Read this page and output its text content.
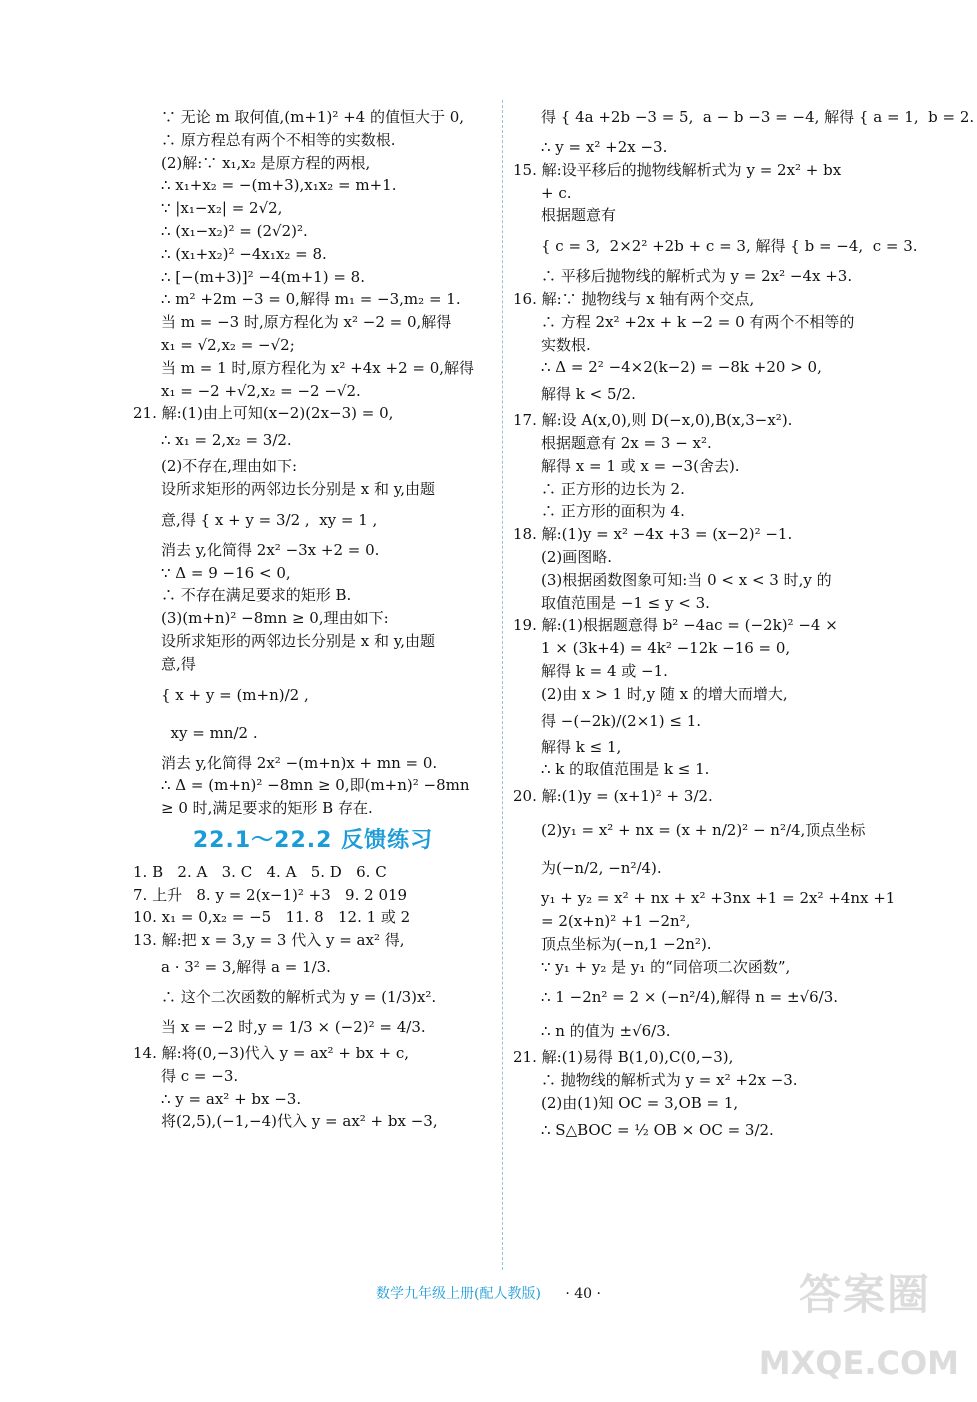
∵ 无论 m 取何值,(m+1)² +4 的值恒大于 0,
∴ 原方程总有两个不相等的实数根.
(2)解:∵ x₁,x₂ 是原方程的两根,
∴ x₁+x₂ = −(m+3),x₁x₂ = m+1.
∵ |x₁−x₂| = 2√2,
∴ (x₁−x₂)² = (2√2)².
∴ (x₁+x₂)² −4x₁x₂ = 8.
∴ [−(m+3)]² −4(m+1) = 8.
∴ m² +2m −3 = 0,解得 m₁ = −3,m₂ = 1.
当 m = −3 时,原方程化为 x² −2 = 0,解得
x₁ = √2,x₂ = −√2;
当 m = 1 时,原方程化为 x² +4x +2 = 0,解得
x₁ = −2 +√2,x₂ = −2 −√2.
21. 解:(1)由上可知(x−2)(2x−3) = 0,
∴ x₁ = 2,x₂ = 3/2.
(2)不存在,理由如下:
设所求矩形的两邻边长分别是 x 和 y,由题
意,得 { x + y = 3/2 ,  xy = 1 ,
消去 y,化简得 2x² −3x +2 = 0.
∵ Δ = 9 −16 < 0,
∴ 不存在满足要求的矩形 B.
(3)(m+n)² −8mn ≥ 0,理由如下:
设所求矩形的两邻边长分别是 x 和 y,由题
意,得
{ x + y = (m+n)/2 ,
xy = mn/2 .
消去 y,化简得 2x² −(m+n)x + mn = 0.
∴ Δ = (m+n)² −8mn ≥ 0,即(m+n)² −8mn
≥ 0 时,满足要求的矩形 B 存在.
22.1～22.2 反馈练习
1. B   2. A   3. C   4. A   5. D   6. C
7. 上升   8. y = 2(x−1)² +3   9. 2 019
10. x₁ = 0,x₂ = −5   11. 8   12. 1 或 2
13. 解:把 x = 3,y = 3 代入 y = ax² 得,
a · 3² = 3,解得 a = 1/3.
∴ 这个二次函数的解析式为 y = (1/3)x².
当 x = −2 时,y = 1/3 × (−2)² = 4/3.
14. 解:将(0,−3)代入 y = ax² + bx + c,
得 c = −3.
∴ y = ax² + bx −3.
将(2,5),(−1,−4)代入 y = ax² + bx −3,
得 { 4a +2b −3 = 5,  a − b −3 = −4, 解得 { a = 1,  b = 2.
∴ y = x² +2x −3.
15. 解:设平移后的抛物线解析式为 y = 2x² + bx
+ c.
根据题意有
{ c = 3,  2×2² +2b + c = 3, 解得 { b = −4,  c = 3.
∴ 平移后抛物线的解析式为 y = 2x² −4x +3.
16. 解:∵ 抛物线与 x 轴有两个交点,
∴ 方程 2x² +2x + k −2 = 0 有两个不相等的
实数根.
∴ Δ = 2² −4×2(k−2) = −8k +20 > 0,
解得 k < 5/2.
17. 解:设 A(x,0),则 D(−x,0),B(x,3−x²).
根据题意有 2x = 3 − x².
解得 x = 1 或 x = −3(舍去).
∴ 正方形的边长为 2.
∴ 正方形的面积为 4.
18. 解:(1)y = x² −4x +3 = (x−2)² −1.
(2)画图略.
(3)根据函数图象可知:当 0 < x < 3 时,y 的
取值范围是 −1 ≤ y < 3.
19. 解:(1)根据题意得 b² −4ac = (−2k)² −4 ×
1 × (3k+4) = 4k² −12k −16 = 0,
解得 k = 4 或 −1.
(2)由 x > 1 时,y 随 x 的增大而增大,
得 −(−2k)/(2×1) ≤ 1.
解得 k ≤ 1,
∴ k 的取值范围是 k ≤ 1.
20. 解:(1)y = (x+1)² + 3/2.
(2)y₁ = x² + nx = (x + n/2)² − n²/4,顶点坐标
为(−n/2, −n²/4).
y₁ + y₂ = x² + nx + x² +3nx +1 = 2x² +4nx +1
= 2(x+n)² +1 −2n²,
顶点坐标为(−n,1 −2n²).
∵ y₁ + y₂ 是 y₁ 的“同倍项二次函数”,
∴ 1 −2n² = 2 × (−n²/4),解得 n = ±√6/3.
∴ n 的值为 ±√6/3.
21. 解:(1)易得 B(1,0),C(0,−3),
∴ 抛物线的解析式为 y = x² +2x −3.
(2)由(1)知 OC = 3,OB = 1,
∴ S△BOC = ½ OB × OC = 3/2.
数学九年级上册(配人教版) · 40 ·	答案圈
MXQE.COM
